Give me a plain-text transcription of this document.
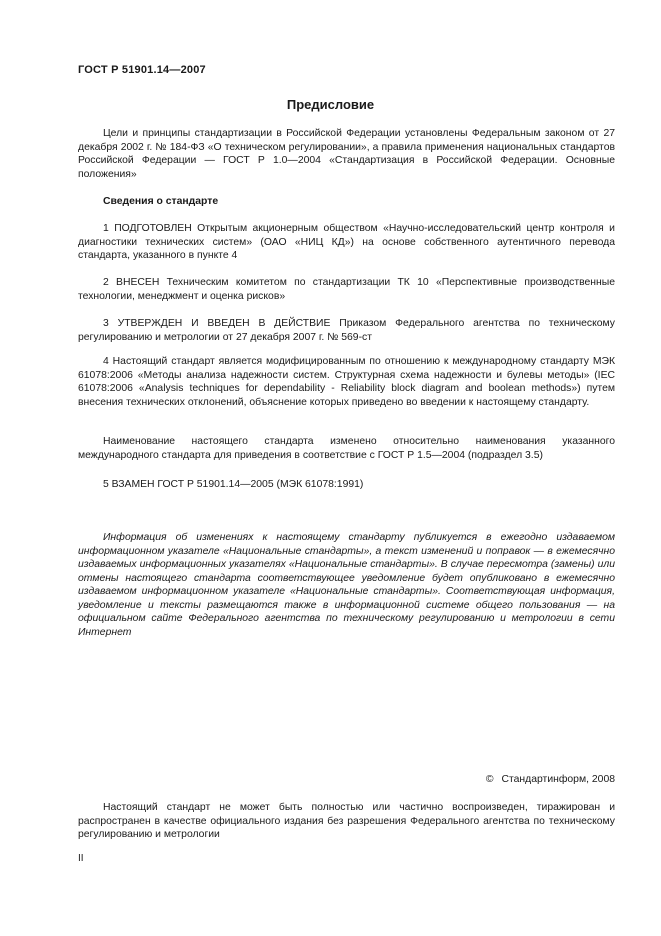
ГОСТ Р 51901.14—2007
Предисловие

Цели и принципы стандартизации в Российской Федерации установлены Федеральным законом от 27 декабря 2002 г. № 184-ФЗ «О техническом регулировании», а правила применения национальных стандартов Российской Федерации — ГОСТ Р 1.0—2004 «Стандартизация в Российской Федерации. Основные положения»

Сведения о стандарте

1 ПОДГОТОВЛЕН Открытым акционерным обществом «Научно-исследовательский центр контроля и диагностики технических систем» (ОАО «НИЦ КД») на основе собственного аутентичного перевода стандарта, указанного в пункте 4

2 ВНЕСЕН Техническим комитетом по стандартизации ТК 10 «Перспективные производственные технологии, менеджмент и оценка рисков»

3 УТВЕРЖДЕН И ВВЕДЕН В ДЕЙСТВИЕ Приказом Федерального агентства по техническому регулированию и метрологии от 27 декабря 2007 г. № 569-ст

4 Настоящий стандарт является модифицированным по отношению к международному стандарту МЭК 61078:2006 «Методы анализа надежности систем. Структурная схема надежности и булевы методы» (IEC 61078:2006 «Analysis techniques for dependability - Reliability block diagram and boolean methods») путем внесения технических отклонений, объяснение которых приведено во введении к настоящему стандарту.

Наименование настоящего стандарта изменено относительно наименования указанного международного стандарта для приведения в соответствие с ГОСТ Р 1.5—2004 (подраздел 3.5)

5 ВЗАМЕН ГОСТ Р 51901.14—2005 (МЭК 61078:1991)

Информация об изменениях к настоящему стандарту публикуется в ежегодно издаваемом информационном указателе «Национальные стандарты», а текст изменений и поправок — в ежемесячно издаваемых информационных указателях «Национальные стандарты». В случае пересмотра (замены) или отмены настоящего стандарта соответствующее уведомление будет опубликовано в ежемесячно издаваемом информационном указателе «Национальные стандарты». Соответствующая информация, уведомление и тексты размещаются также в информационной системе общего пользования — на официальном сайте Федерального агентства по техническому регулированию и метрологии в сети Интернет

© Стандартинформ, 2008

Настоящий стандарт не может быть полностью или частично воспроизведен, тиражирован и распространен в качестве официального издания без разрешения Федерального агентства по техническому регулированию и метрологии

II
